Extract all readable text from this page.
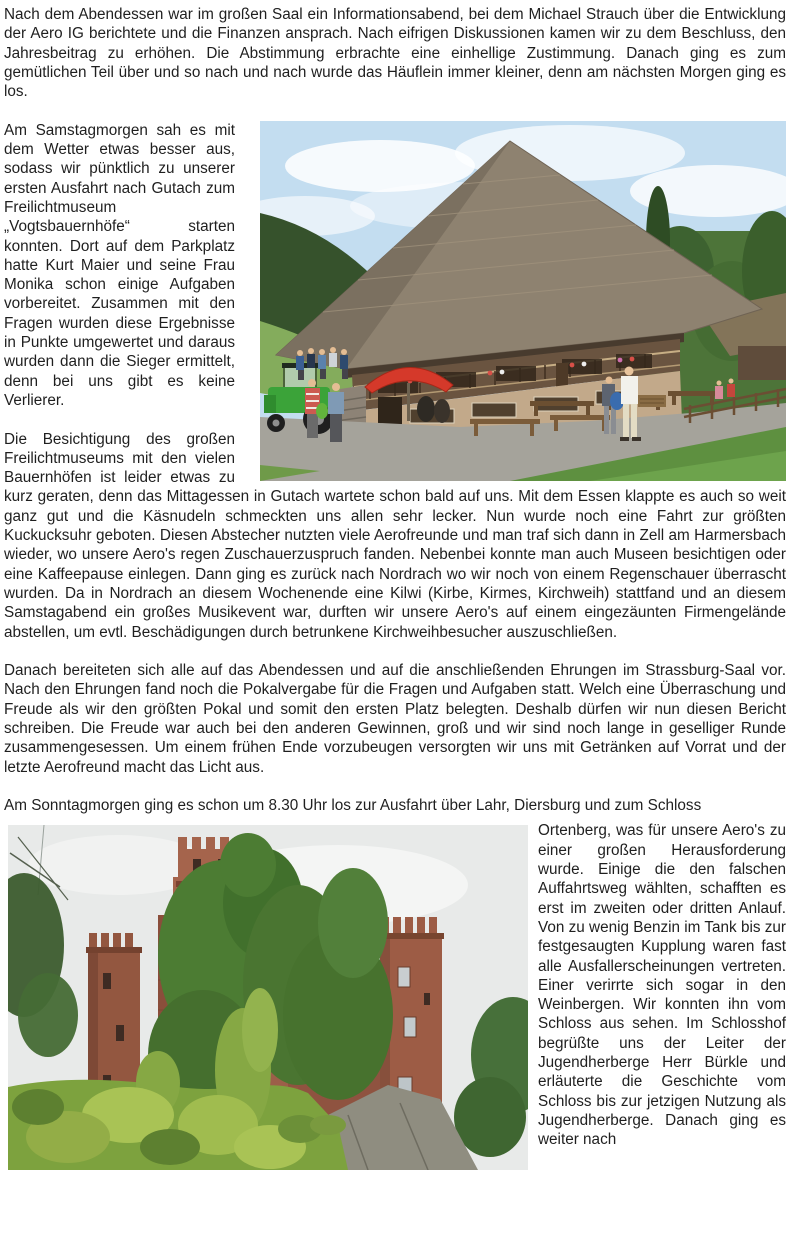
Nach dem Abendessen war im großen Saal ein Informationsabend, bei dem Michael Strauch über die Entwicklung der Aero IG berichtete und die Finanzen ansprach. Nach eifrigen Diskussionen kamen wir zu dem Beschluss, den Jahresbeitrag zu erhöhen. Die Abstimmung erbrachte eine einhellige Zustimmung. Danach ging es zum gemütlichen Teil über und so nach und nach wurde das Häuflein immer kleiner, denn am nächsten Morgen ging es los.

Am Samstagmorgen sah es mit dem Wetter etwas besser aus, sodass wir pünktlich zu unserer ersten Ausfahrt nach Gutach zum Freilichtmuseum „Vogtsbauernhöfe“ starten konnten. Dort auf dem Parkplatz hatte Kurt Maier und seine Frau Monika schon einige Aufgaben vorbereitet. Zusammen mit den Fragen wurden diese Ergebnisse in Punkte umgewertet und daraus wurden dann die Sieger ermittelt, denn bei uns gibt es keine Verlierer.

Die Besichtigung des großen Freilichtmuseums mit den vielen Bauernhöfen ist leider etwas zu kurz geraten, denn das Mittagessen in Gutach wartete schon bald auf uns. Mit dem Essen klappte es auch so weit ganz gut und die Käsnudeln schmeckten uns allen sehr lecker. Nun wurde noch eine Fahrt zur größten Kuckucksuhr geboten. Diesen Abstecher nutzten viele Aerofreunde und man traf sich dann in Zell am Harmersbach wieder, wo unsere Aero's regen Zuschauerzuspruch fanden. Nebenbei konnte man auch Museen besichtigen oder eine Kaffeepause einlegen. Dann ging es zurück nach Nordrach wo wir noch von einem Regenschauer überrascht wurden. Da in Nordrach an diesem Wochenende eine Kilwi (Kirbe, Kirmes, Kirchweih) stattfand und an diesem Samstagabend ein großes Musikevent war, durften wir unsere Aero's auf einem eingezäunten Firmengelände abstellen, um evtl. Beschädigungen durch betrunkene Kirchweihbesucher auszuschließen.

Danach bereiteten sich alle auf das Abendessen und auf die anschließenden Ehrungen im Strassburg-Saal vor. Nach den Ehrungen fand noch die Pokalvergabe für die Fragen und Aufgaben statt. Welch eine Überraschung und Freude als wir den größten Pokal und somit den ersten Platz belegten. Deshalb dürfen wir nun diesen Bericht schreiben. Die Freude war auch bei den anderen Gewinnen, groß und wir sind noch lange in geselliger Runde zusammengesessen. Um einem frühen Ende vorzubeugen versorgten wir uns mit Getränken auf Vorrat und der letzte Aerofreund macht das Licht aus.

Am Sonntagmorgen ging es schon um 8.30 Uhr los zur Ausfahrt über Lahr, Diersburg und zum Schloss

Ortenberg, was für unsere Aero's zu einer großen Herausforderung wurde. Einige die den falschen Auffahrtsweg wählten, schafften es erst im zweiten oder dritten Anlauf. Von zu wenig Benzin im Tank bis zur festgesaugten Kupplung waren fast alle Ausfallerscheinungen vertreten. Einer verirrte sich sogar in den Weinbergen. Wir konnten ihn vom Schloss aus sehen. Im Schlosshof begrüßte uns der Leiter der Jugendherberge Herr Bürkle und erläuterte die Geschichte vom Schloss bis zur jetzigen Nutzung als Jugendherberge. Danach ging es weiter nach
